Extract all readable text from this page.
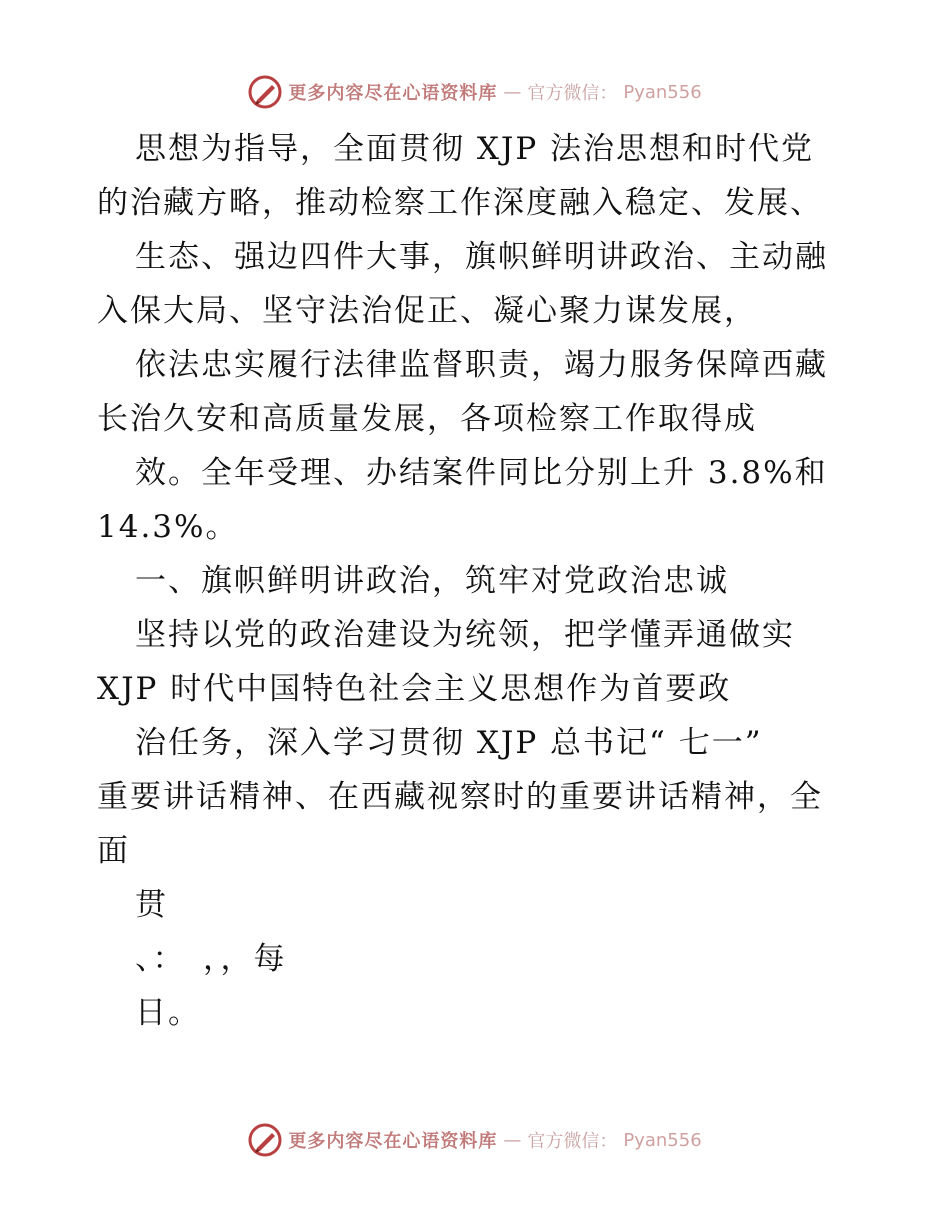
更多内容尽在心语资料库 — 官方微信： Pyan556
思想为指导，全面贯彻 XJP 法治思想和时代党
的治藏方略，推动检察工作深度融入稳定、发展、
生态、强边四件大事，旗帜鲜明讲政治、主动融
入保大局、坚守法治促正、凝心聚力谋发展，
依法忠实履行法律监督职责，竭力服务保障西藏
长治久安和高质量发展，各项检察工作取得成
效。全年受理、办结案件同比分别上升 3.8%和
14.3%。
一、旗帜鲜明讲政治，筑牢对党政治忠诚
坚持以党的政治建设为统领，把学懂弄通做实
XJP 时代中国特色社会主义思想作为首要政
治任务，深入学习贯彻 XJP 总书记“ 七一”
重要讲话精神、在西藏视察时的重要讲话精神，全
面
贯
、：　，，每
日。
更多内容尽在心语资料库 — 官方微信： Pyan556
